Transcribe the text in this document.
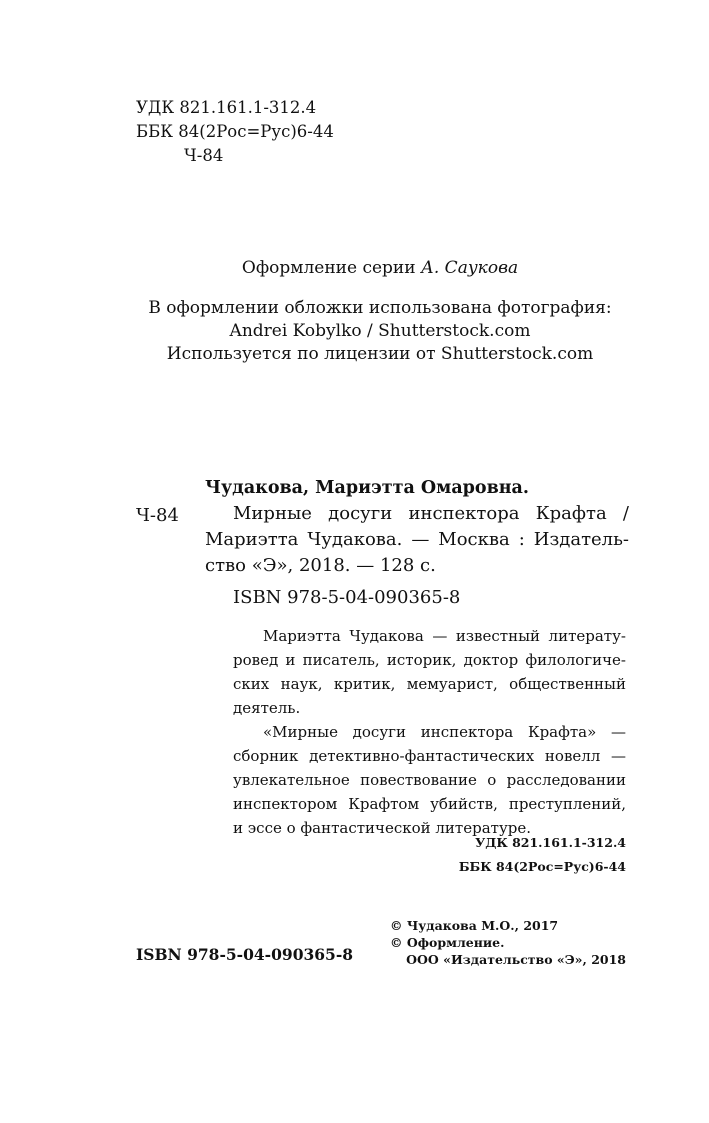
УДК 821.161.1-312.4
ББК 84(2Рос=Рус)6-44
Ч-84
Оформление серии А. Саукова
В оформлении обложки использована фотография:
Andrei Kobylko / Shutterstock.com
Используется по лицензии от Shutterstock.com
Чудакова, Мариэтта Омаровна.
Ч-84	Мирные досуги инспектора Крафта /
Мариэтта Чудакова. — Москва : Издатель-
ство «Э», 2018. — 128 с.
ISBN 978-5-04-090365-8
Мариэтта Чудакова — известный литерату-
ровед и писатель, историк, доктор филологиче-
ских наук, критик, мемуарист, общественный
деятель.
«Мирные досуги инспектора Крафта» —
сборник детективно-фантастических новелл —
увлекательное повествование о расследовании
инспектором Крафтом убийств, преступлений,
и эссе о фантастической литературе.
УДК 821.161.1-312.4
ББК 84(2Рос=Рус)6-44
ISBN 978-5-04-090365-8
© Чудакова М.О., 2017
© Оформление.
ООО «Издательство «Э», 2018
